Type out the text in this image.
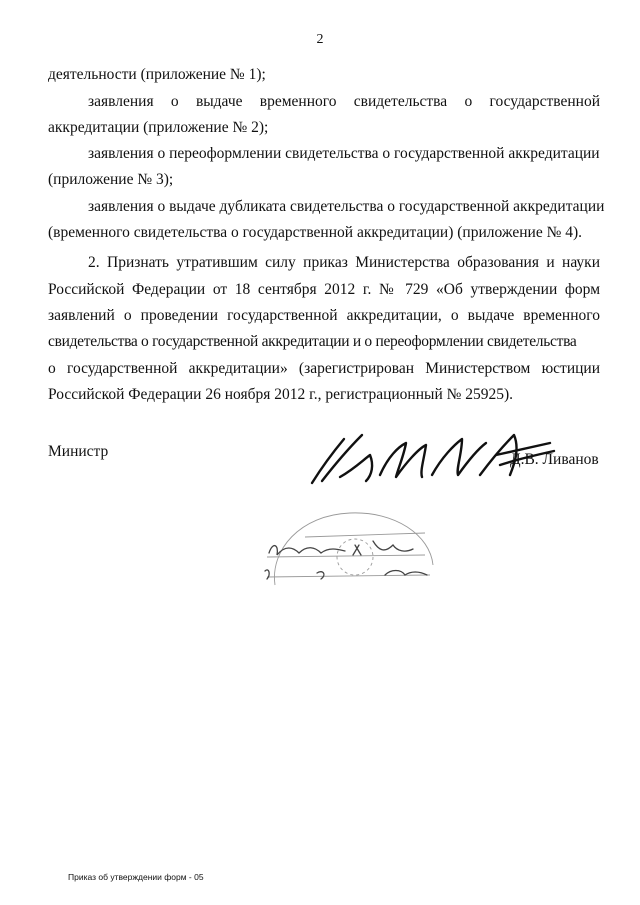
2
деятельности (приложение № 1);
заявления о выдаче временного свидетельства о государственной
аккредитации (приложение № 2);
заявления о переоформлении свидетельства о государственной аккредитации
(приложение № 3);
заявления о выдаче дубликата свидетельства о государственной аккредитации
(временного свидетельства о государственной аккредитации) (приложение № 4).
2. Признать утратившим силу приказ Министерства образования и науки
Российской Федерации от 18 сентября 2012 г. № 729 «Об утверждении форм
заявлений о проведении государственной аккредитации, о выдаче временного
свидетельства о государственной аккредитации и о переоформлении свидетельства
о государственной аккредитации» (зарегистрирован Министерством юстиции
Российской Федерации 26 ноября 2012 г., регистрационный № 25925).
Министр	Д.В. Ливанов
Приказ об утверждении форм - 05
